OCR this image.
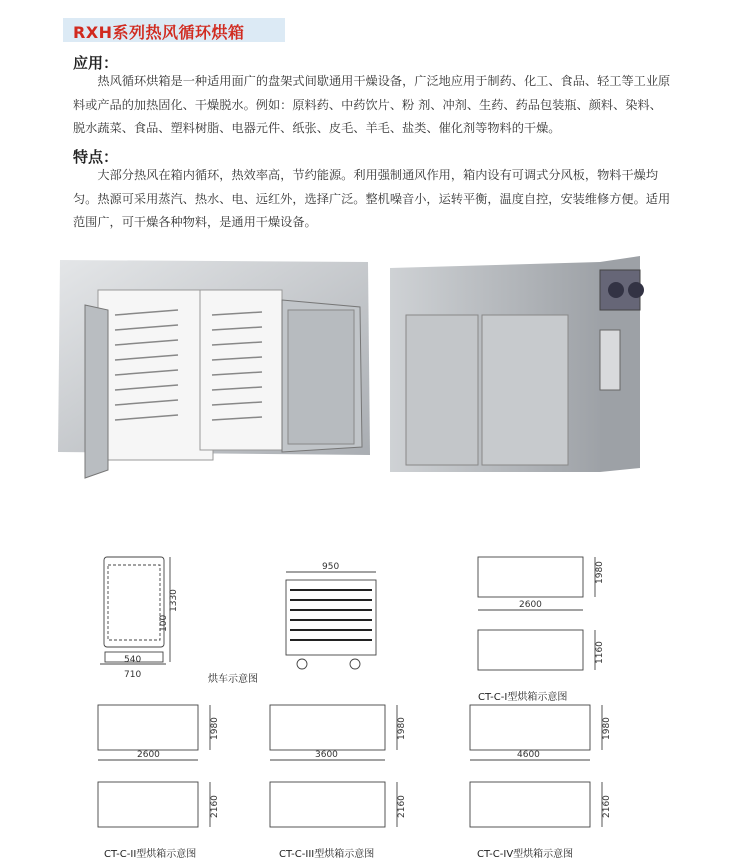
RXH系列热风循环烘箱
应用：
热风循环烘箱是一种适用面广的盘架式间歇通用干燥设备，广泛地应用于制药、化工、食品、轻工等工业原料或产品的加热固化、干燥脱水。例如：原料药、中药饮片、粉 剂、冲剂、生药、药品包装瓶、颜料、染料、脱水蔬菜、食品、塑料树脂、电器元件、纸张、皮毛、羊毛、盐类、催化剂等物料的干燥。
特点：
大部分热风在箱内循环，热效率高，节约能源。利用强制通风作用，箱内设有可调式分风板，物料干燥均匀。热源可采用蒸汽、热水、电、远红外，选择广泛。整机噪音小，运转平衡，温度自控，安装维修方便。适用范围广，可干燥各种物料，是通用干燥设备。
1330
100
540
710
950
2600
1980
1160
2600
1980
2160
3600
1980
2160
4600
1980
2160
烘车示意图
CT-C-I型烘箱示意图
CT-C-II型烘箱示意图	CT-C-III型烘箱示意图	CT-C-IV型烘箱示意图
